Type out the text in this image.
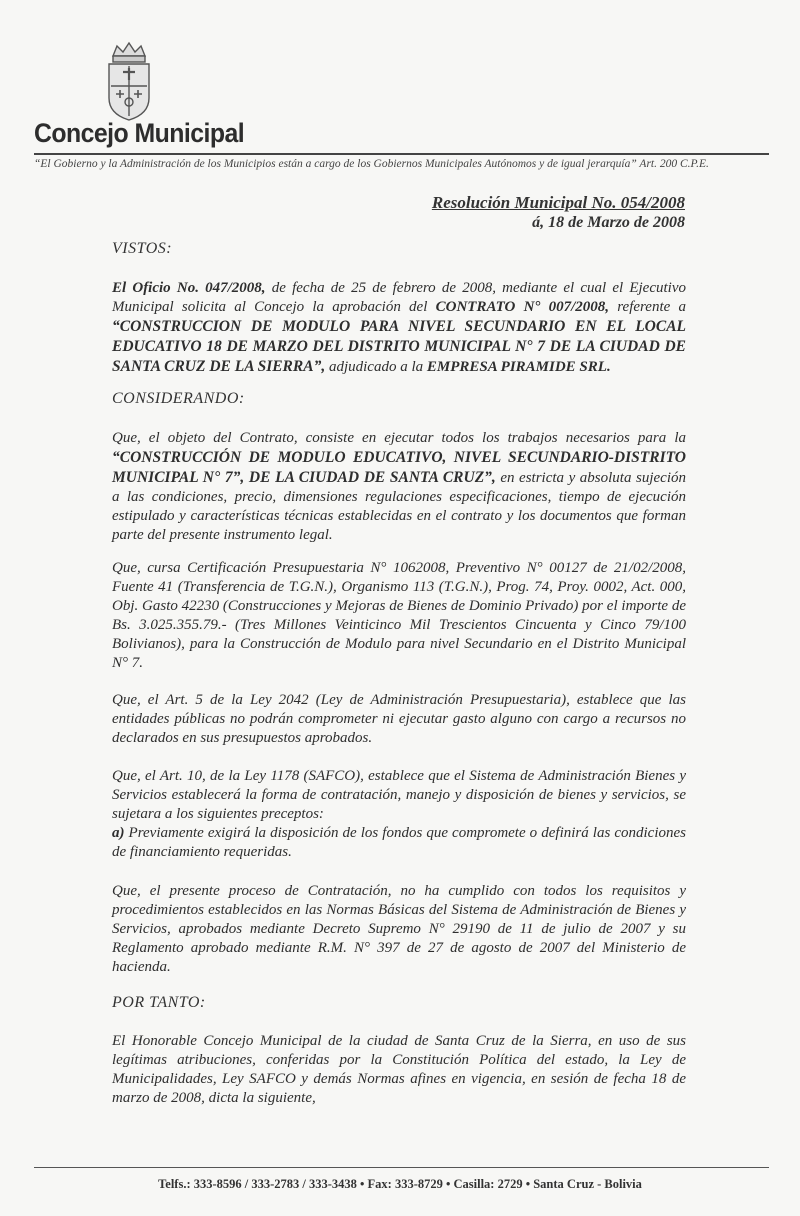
Concejo Municipal
“El Gobierno y la Administración de los Municipios están a cargo de los Gobiernos Municipales Autónomos y de igual jerarquía” Art. 200 C.P.E.
Resolución Municipal No. 054/2008
á, 18 de Marzo de 2008
VISTOS:
El Oficio No. 047/2008, de fecha de 25 de febrero de 2008, mediante el cual el Ejecutivo Municipal solicita al Concejo la aprobación del CONTRATO N° 007/2008, referente a “CONSTRUCCION DE MODULO PARA NIVEL SECUNDARIO EN EL LOCAL EDUCATIVO 18 DE MARZO DEL DISTRITO MUNICIPAL N° 7 DE LA CIUDAD DE SANTA CRUZ DE LA SIERRA”, adjudicado a la EMPRESA PIRAMIDE SRL.
CONSIDERANDO:
Que, el objeto del Contrato, consiste en ejecutar todos los trabajos necesarios para la “CONSTRUCCIÓN DE MODULO EDUCATIVO, NIVEL SECUNDARIO-DISTRITO MUNICIPAL N° 7”, DE LA CIUDAD DE SANTA CRUZ”, en estricta y absoluta sujeción a las condiciones, precio, dimensiones regulaciones especificaciones, tiempo de ejecución estipulado y características técnicas establecidas en el contrato y los documentos que forman parte del presente instrumento legal.
Que, cursa Certificación Presupuestaria N° 1062008, Preventivo N° 00127 de 21/02/2008, Fuente 41 (Transferencia de T.G.N.), Organismo 113 (T.G.N.), Prog. 74, Proy. 0002, Act. 000, Obj. Gasto 42230 (Construcciones y Mejoras de Bienes de Dominio Privado) por el importe de Bs. 3.025.355.79.- (Tres Millones Veinticinco Mil Trescientos Cincuenta y Cinco 79/100 Bolivianos), para la Construcción de Modulo para nivel Secundario en el Distrito Municipal N° 7.
Que, el Art. 5 de la Ley 2042 (Ley de Administración Presupuestaria), establece que las entidades públicas no podrán comprometer ni ejecutar gasto alguno con cargo a recursos no declarados en sus presupuestos aprobados.
Que, el Art. 10, de la Ley 1178 (SAFCO), establece que el Sistema de Administración Bienes y Servicios establecerá la forma de contratación, manejo y disposición de bienes y servicios, se sujetara a los siguientes preceptos:
a) Previamente exigirá la disposición de los fondos que compromete o definirá las condiciones de financiamiento requeridas.
Que, el presente proceso de Contratación, no ha cumplido con todos los requisitos y procedimientos establecidos en las Normas Básicas del Sistema de Administración de Bienes y Servicios, aprobados mediante Decreto Supremo N° 29190 de 11 de julio de 2007 y su Reglamento aprobado mediante R.M. N° 397 de 27 de agosto de 2007 del Ministerio de hacienda.
POR TANTO:
El Honorable Concejo Municipal de la ciudad de Santa Cruz de la Sierra, en uso de sus legítimas atribuciones, conferidas por la Constitución Política del estado, la Ley de Municipalidades, Ley SAFCO y demás Normas afines en vigencia, en sesión de fecha 18 de marzo de 2008, dicta la siguiente,
Telfs.: 333-8596 / 333-2783 / 333-3438 • Fax: 333-8729 • Casilla: 2729 • Santa Cruz - Bolivia
